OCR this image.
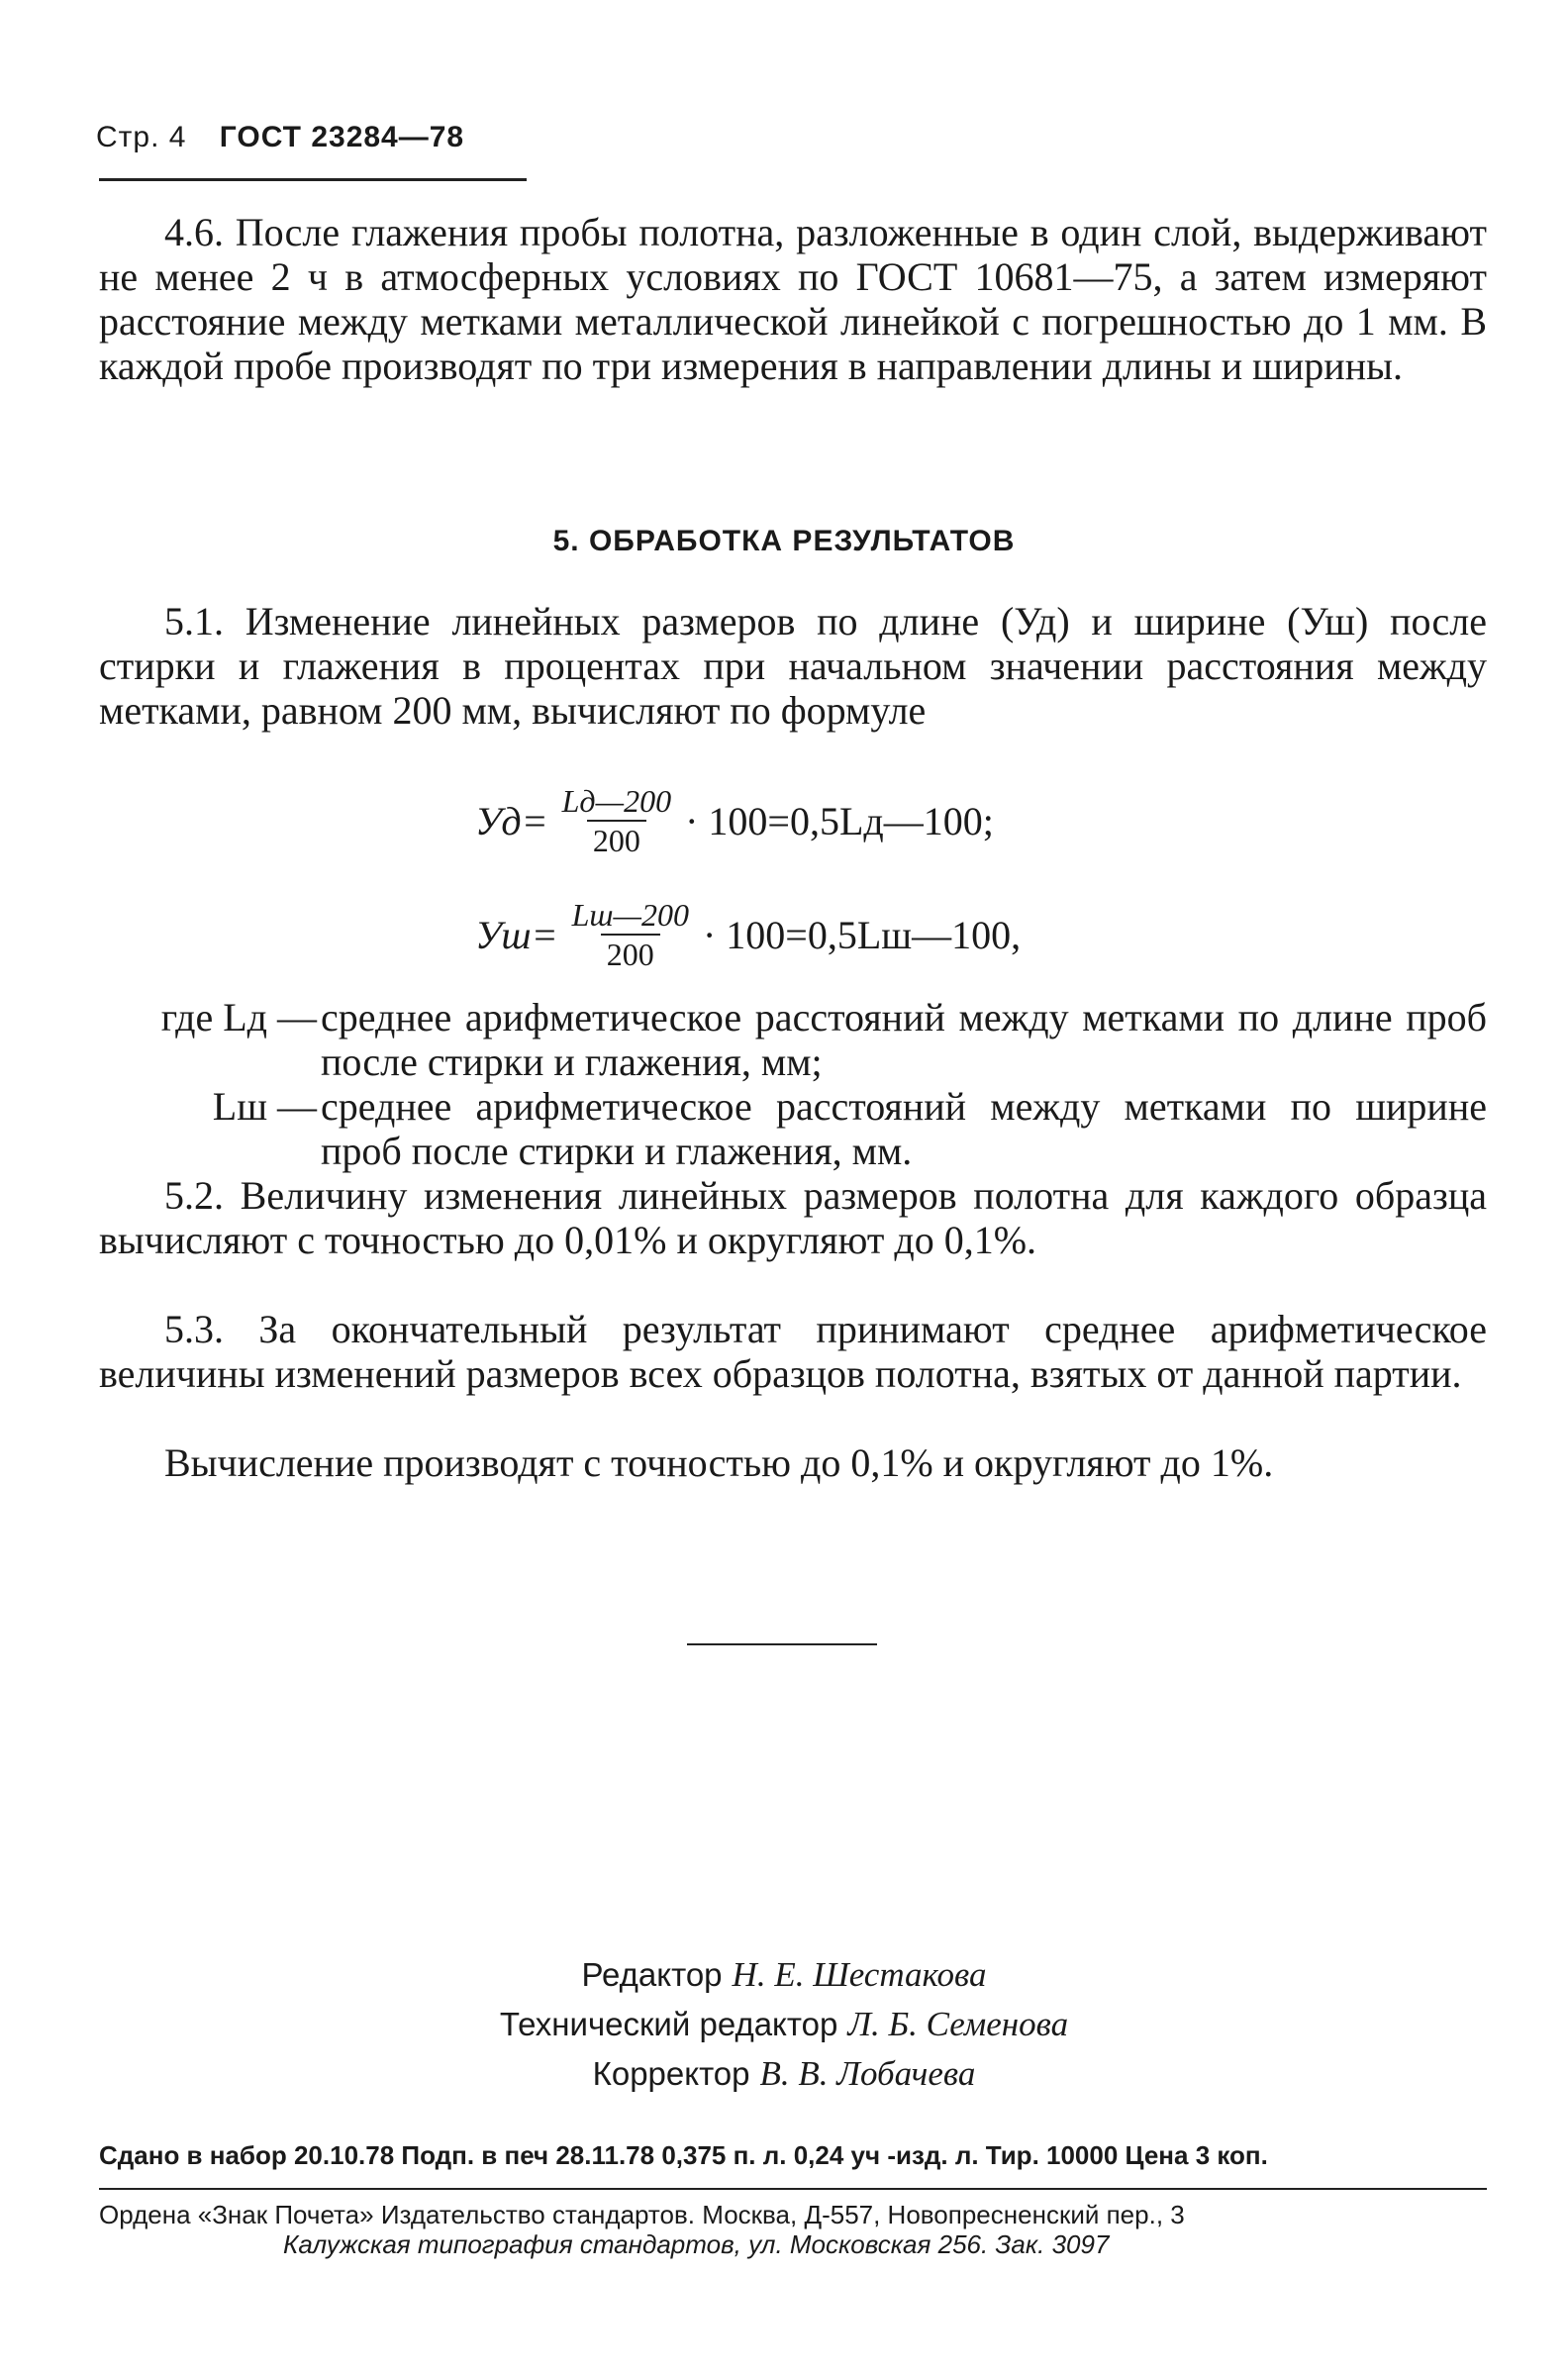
Стр. 4 ГОСТ 23284—78

4.6. После глажения пробы полотна, разложенные в один слой, выдерживают не менее 2 ч в атмосферных условиях по ГОСТ 10681—75, а затем измеряют расстояние между метками металлической линейкой с погрешностью до 1 мм. В каждой пробе производят по три измерения в направлении длины и ширины.

5. ОБРАБОТКА РЕЗУЛЬТАТОВ

5.1. Изменение линейных размеров по длине (Уд) и ширине (Уш) после стирки и глажения в процентах при начальном значении расстояния между метками, равном 200 мм, вычисляют по формуле

$Уд= \frac{Lд—200}{200}$ · 100=0,5Lд—100;
$Уш= \frac{Lш—200}{200}$ · 100=0,5Lш—100,
где Lд — среднее арифметическое расстояний между метками по длине проб после стирки и глажения, мм;
Lш — среднее арифметическое расстояний между метками по ширине проб после стирки и глажения, мм.

5.2. Величину изменения линейных размеров полотна для каждого образца вычисляют с точностью до 0,01% и округляют до 0,1%.

5.3. За окончательный результат принимают среднее арифметическое величины изменений размеров всех образцов полотна, взятых от данной партии.

Вычисление производят с точностью до 0,1% и округляют до 1%.

Редактор Н. Е. Шестакова
Технический редактор Л. Б. Семенова
Корректор В. В. Лобачева
Сдано в набор 20.10.78 Подп. в печ 28.11.78 0,375 п. л. 0,24 уч -изд. л. Тир. 10000 Цена 3 коп.
Ордена «Знак Почета» Издательство стандартов. Москва, Д-557, Новопресненский пер., 3
Калужская типография стандартов, ул. Московская 256. Зак. 3097
